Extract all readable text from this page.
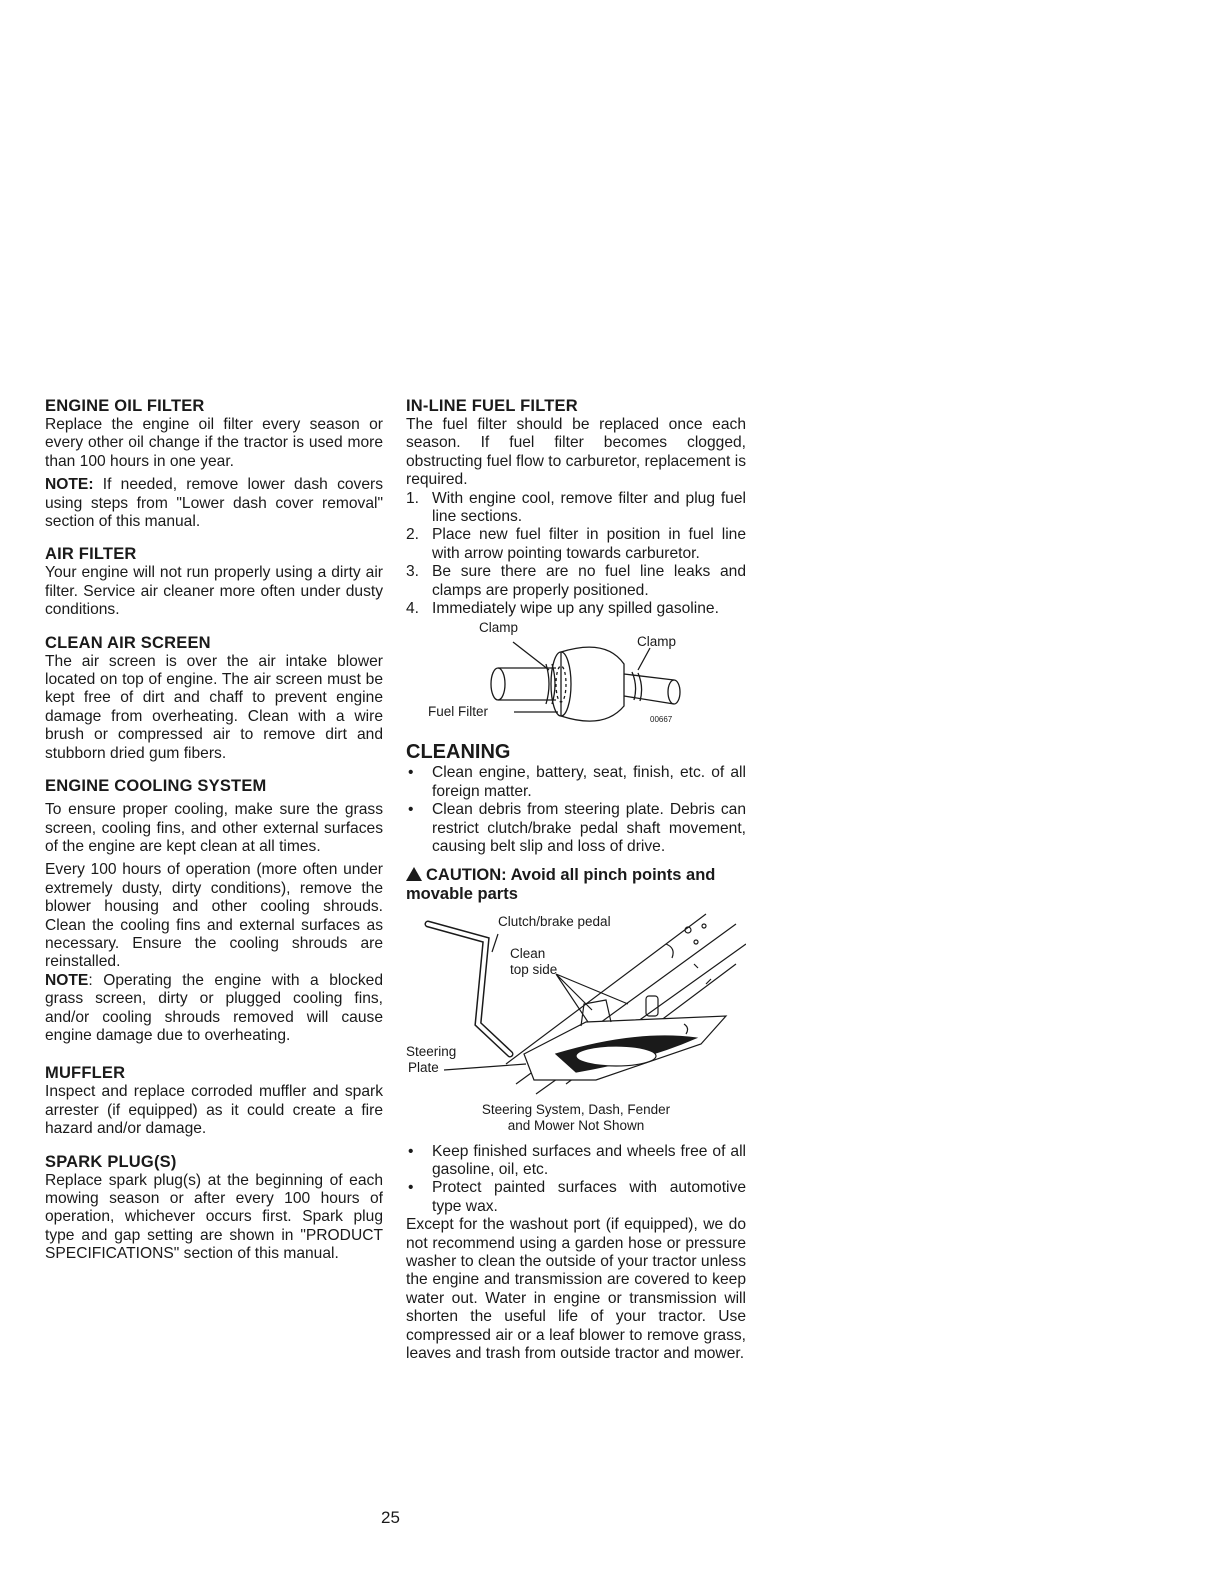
ENGINE OIL FILTER

Replace the engine oil filter every season or every other oil change if the tractor is used more than 100 hours in one year.

NOTE: If needed, remove lower dash covers using steps from "Lower dash cover removal" section of this manual.

AIR FILTER

Your engine will not run properly using a dirty air filter. Service air cleaner more often under dusty conditions.

CLEAN AIR SCREEN

The air screen is over the air intake blower located on top of engine. The air screen must be kept free of dirt and chaff to prevent engine damage from overheating. Clean with a wire brush or compressed air to remove dirt and stubborn dried gum fibers.

ENGINE COOLING SYSTEM

To ensure proper cooling, make sure the grass screen, cooling fins, and other external surfaces of the engine are kept clean at all times.

Every 100 hours of operation (more often under extremely dusty, dirty conditions), remove the blower housing and other cooling shrouds. Clean the cooling fins and external surfaces as necessary. Ensure the cooling shrouds are reinstalled.

NOTE: Operating the engine with a blocked grass screen, dirty or plugged cooling fins, and/or cooling shrouds removed will cause engine damage due to overheating.

MUFFLER

Inspect and replace corroded muffler and spark arrester (if equipped) as it could create a fire hazard and/or damage.

SPARK PLUG(S)

Replace spark plug(s) at the beginning of each mowing season or after every 100 hours of operation, whichever occurs first. Spark plug type and gap setting are shown in "PRODUCT SPECIFICATIONS" section of this manual.

IN-LINE FUEL FILTER

The fuel filter should be replaced once each season. If fuel filter becomes clogged, obstructing fuel flow to carburetor, replacement is required.

1. With engine cool, remove filter and plug fuel line sections.
2. Place new fuel filter in position in fuel line with arrow pointing towards carburetor.
3. Be sure there are no fuel line leaks and clamps are properly positioned.
4. Immediately wipe up any spilled gasoline.
Clamp
Clamp
Fuel Filter
00667
CLEANING
• Clean engine, battery, seat, finish, etc. of all foreign matter.
• Clean debris from steering plate. Debris can restrict clutch/brake pedal shaft movement, causing belt slip and loss of drive.
CAUTION: Avoid all pinch points and movable parts
Clutch/brake pedal
Clean
top side
Steering
Plate
Steering System, Dash, Fender
and Mower Not Shown
• Keep finished surfaces and wheels free of all gasoline, oil, etc.
• Protect painted surfaces with automotive type wax.

Except for the washout port (if equipped), we do not recommend using a garden hose or pressure washer to clean the outside of your tractor unless the engine and transmission are covered to keep water out. Water in engine or transmission will shorten the useful life of your tractor. Use compressed air or a leaf blower to remove grass, leaves and trash from outside tractor and mower.

25
